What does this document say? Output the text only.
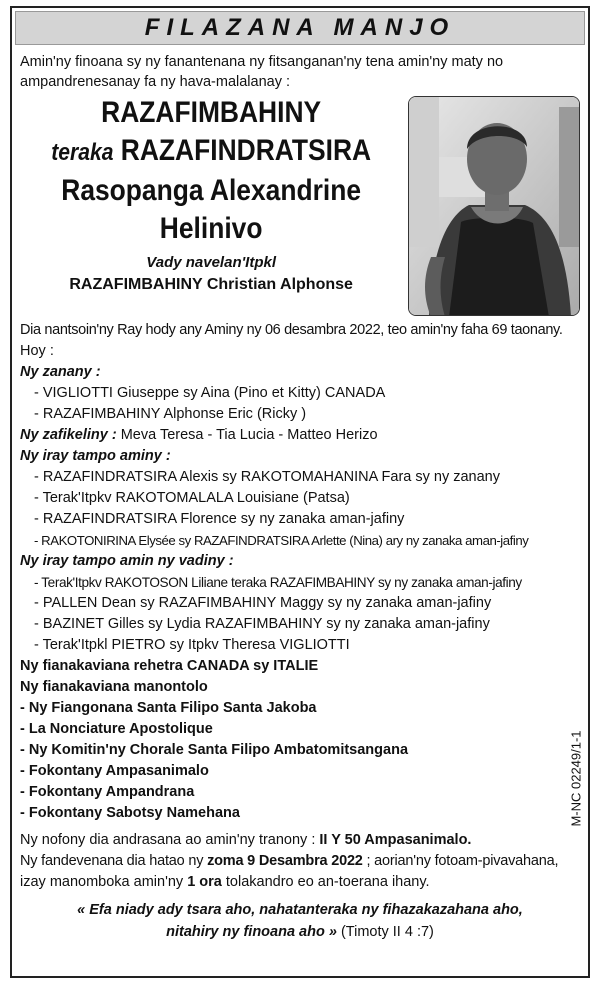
FILAZANA MANJO

Amin'ny finoana sy ny fanantenana ny fitsanganan'ny tena amin'ny maty no ampandrenesanay fa ny hava-malalanay :

RAZAFIMBAHINY
teraka RAZAFINDRATSIRA
Rasopanga Alexandrine
Helinivo
Vady navelan'Itpkl
RAZAFIMBAHINY Christian Alphonse
Dia nantsoin'ny Ray hody any Aminy ny 06 desambra 2022, teo amin'ny faha 69 taonany.
Hoy :
Ny zanany :
- VIGLIOTTI Giuseppe sy Aina (Pino et Kitty) CANADA
- RAZAFIMBAHINY Alphonse Eric (Ricky )
Ny zafikeliny : Meva Teresa - Tia Lucia - Matteo Herizo
Ny iray tampo aminy :
- RAZAFINDRATSIRA Alexis sy RAKOTOMAHANINA Fara sy ny zanany
- Terak'Itpkv RAKOTOMALALA Louisiane (Patsa)
- RAZAFINDRATSIRA Florence sy ny zanaka aman-jafiny
- RAKOTONIRINA Elysée sy RAZAFINDRATSIRA Arlette (Nina) ary ny zanaka aman-jafiny
Ny iray tampo amin ny vadiny :
- Terak'Itpkv RAKOTOSON Liliane teraka RAZAFIMBAHINY sy ny zanaka aman-jafiny
- PALLEN Dean sy RAZAFIMBAHINY Maggy sy ny zanaka aman-jafiny
- BAZINET Gilles sy Lydia RAZAFIMBAHINY sy ny zanaka aman-jafiny
- Terak'Itpkl PIETRO sy Itpkv Theresa VIGLIOTTI
Ny fianakaviana rehetra CANADA sy ITALIE
Ny fianakaviana manontolo
- Ny Fiangonana Santa Filipo Santa Jakoba
- La Nonciature Apostolique
- Ny Komitin'ny Chorale Santa Filipo Ambatomitsangana
- Fokontany Ampasanimalo
- Fokontany Ampandrana
- Fokontany Sabotsy Namehana
Ny nofony dia andrasana ao amin'ny tranony : II Y 50 Ampasanimalo.
Ny fandevenana dia hatao ny zoma 9 Desambra 2022 ; aorian'ny fotoam-pivavahana,
izay manomboka amin'ny 1 ora tolakandro eo an-toerana ihany.
« Efa niady ady tsara aho, nahatanteraka ny fihazakazahana aho,
nitahiry ny finoana aho » (Timoty II 4 :7)
M-NC 02249/1-1
